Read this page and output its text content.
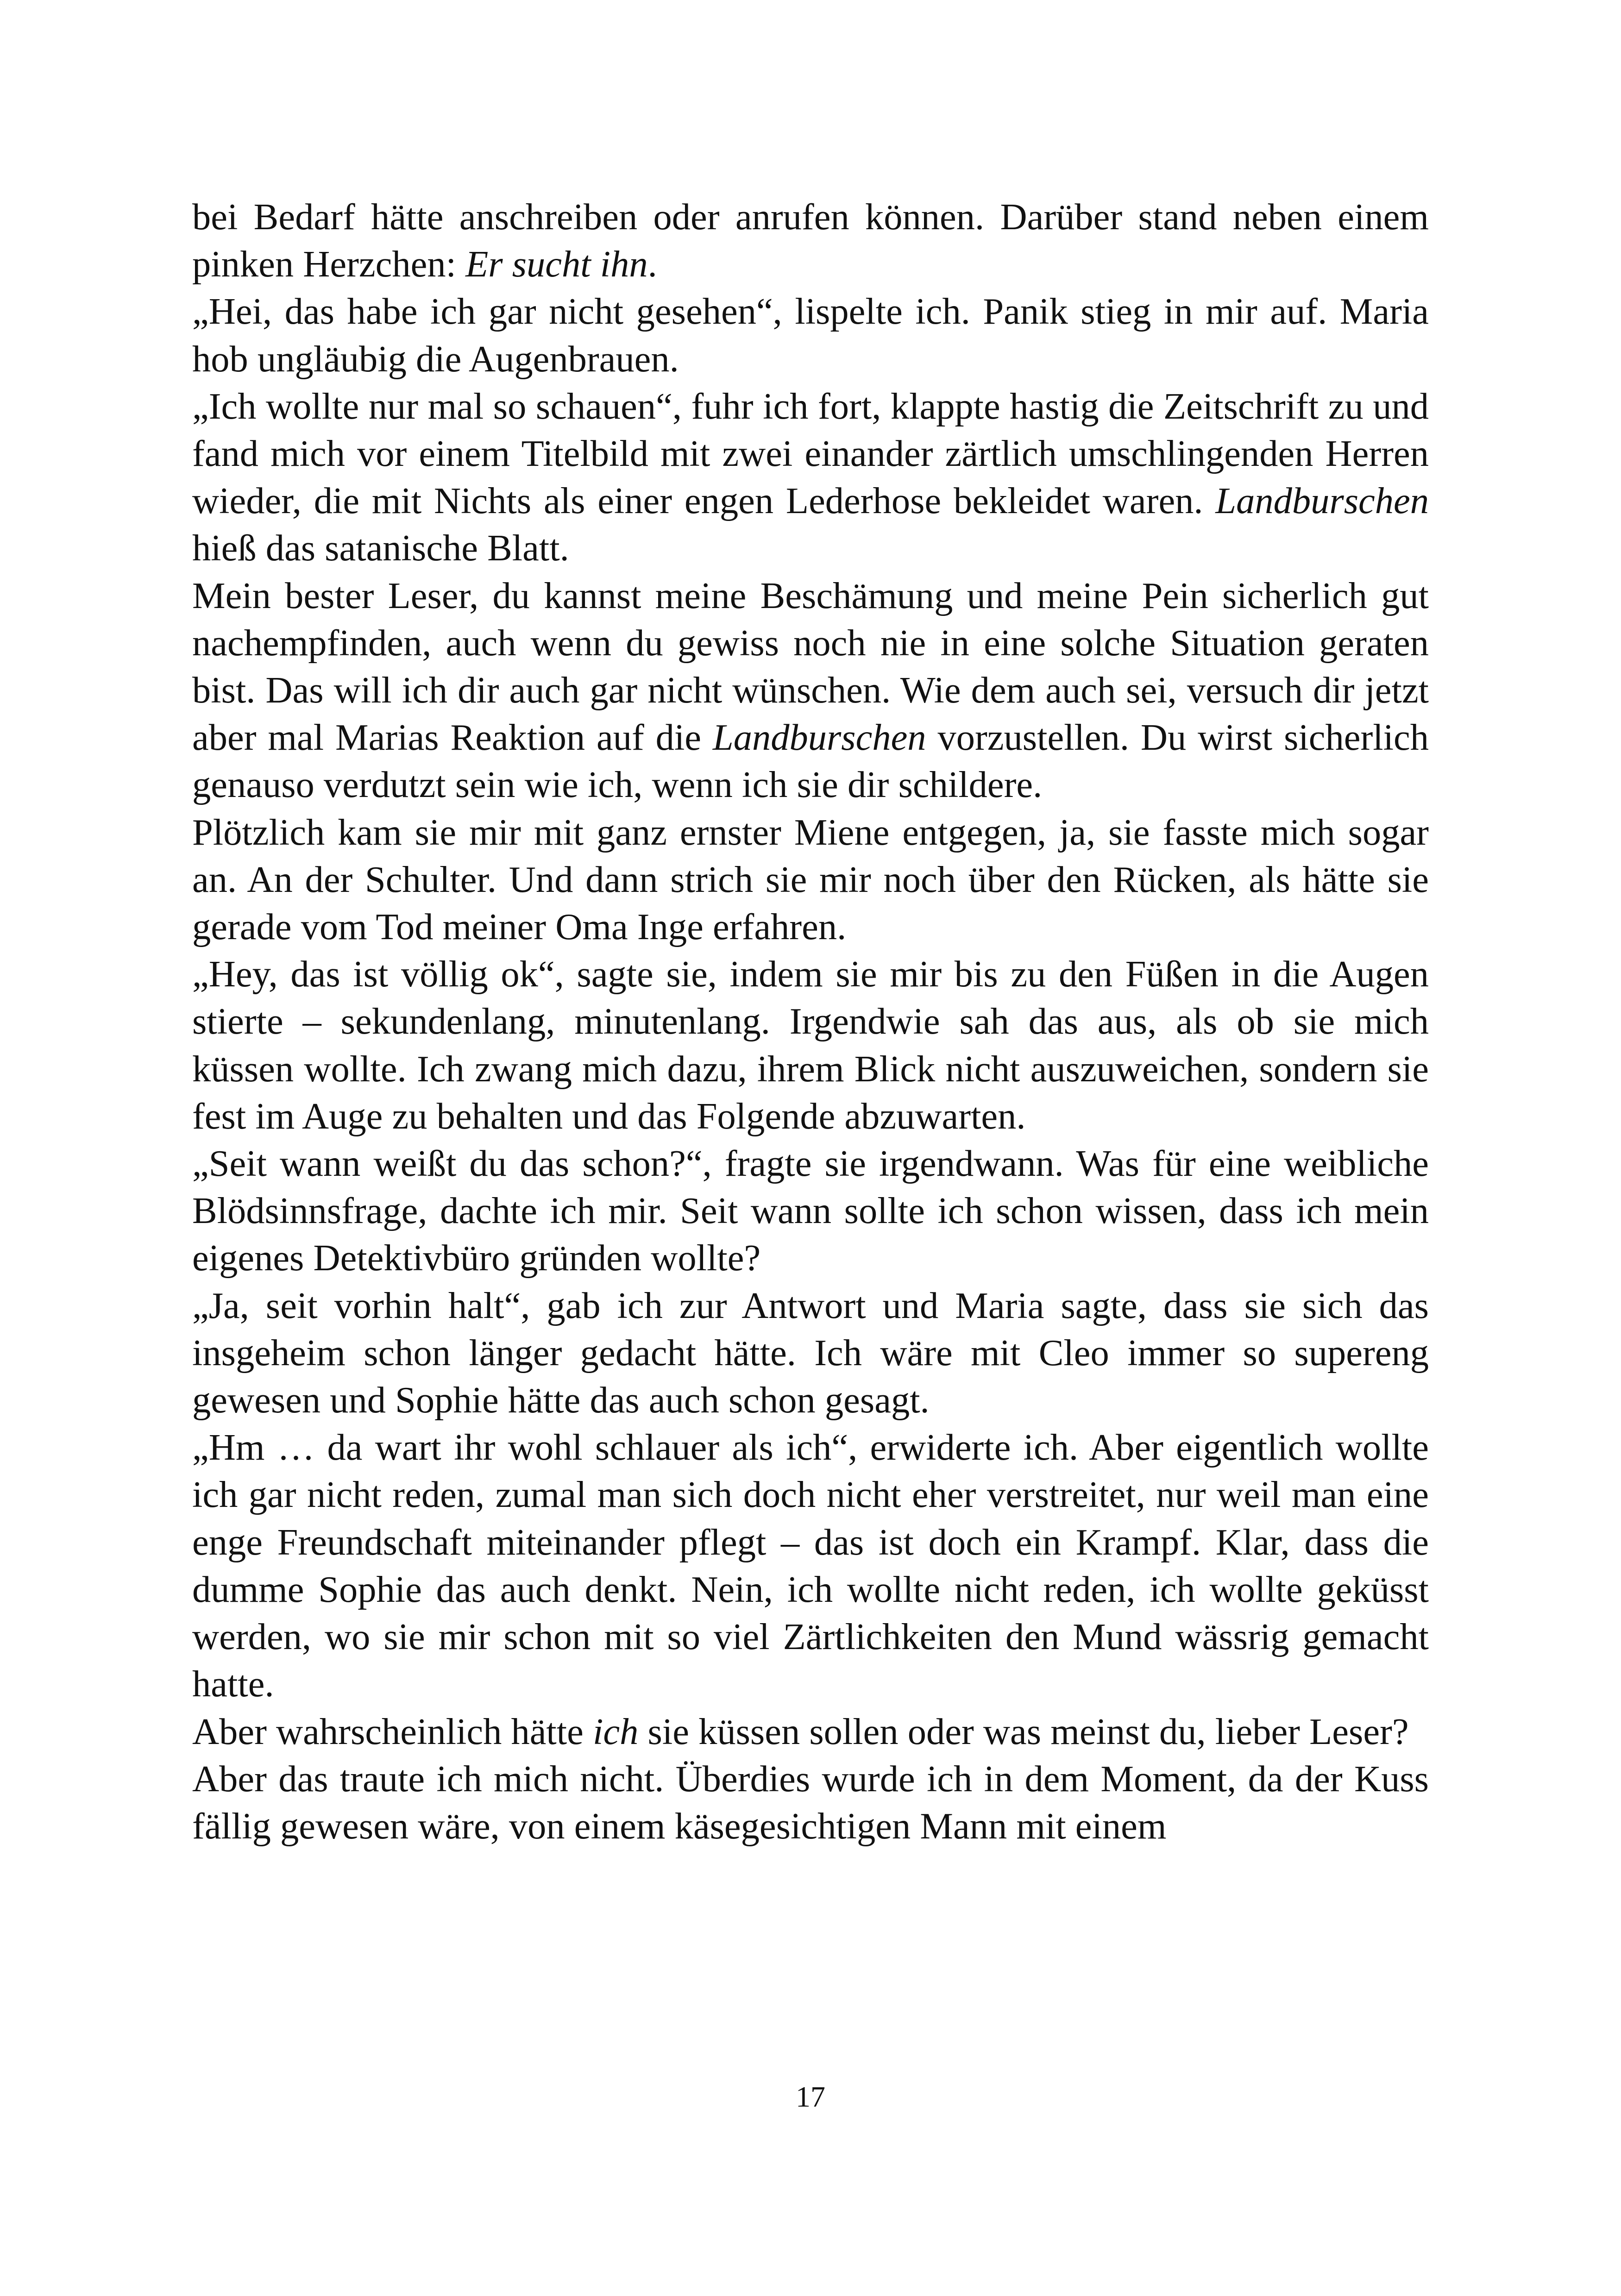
bei Bedarf hätte anschreiben oder anrufen können. Darüber stand neben einem pinken Herzchen: Er sucht ihn.

„Hei, das habe ich gar nicht gesehen“, lispelte ich. Panik stieg in mir auf. Maria hob ungläubig die Augenbrauen.

„Ich wollte nur mal so schauen“, fuhr ich fort, klappte hastig die Zeitschrift zu und fand mich vor einem Titelbild mit zwei einander zärtlich umschlingenden Herren wieder, die mit Nichts als einer engen Lederhose bekleidet waren. Landburschen hieß das satanische Blatt.

Mein bester Leser, du kannst meine Beschämung und meine Pein sicherlich gut nachempfinden, auch wenn du gewiss noch nie in eine solche Situation geraten bist. Das will ich dir auch gar nicht wünschen. Wie dem auch sei, versuch dir jetzt aber mal Marias Reaktion auf die Landburschen vorzustellen. Du wirst sicherlich genauso verdutzt sein wie ich, wenn ich sie dir schildere.

Plötzlich kam sie mir mit ganz ernster Miene entgegen, ja, sie fasste mich sogar an. An der Schulter. Und dann strich sie mir noch über den Rücken, als hätte sie gerade vom Tod meiner Oma Inge erfahren.

„Hey, das ist völlig ok“, sagte sie, indem sie mir bis zu den Füßen in die Augen stierte – sekundenlang, minutenlang. Irgendwie sah das aus, als ob sie mich küssen wollte. Ich zwang mich dazu, ihrem Blick nicht auszuweichen, sondern sie fest im Auge zu behalten und das Folgende abzuwarten.

„Seit wann weißt du das schon?“, fragte sie irgendwann. Was für eine weibliche Blödsinnsfrage, dachte ich mir. Seit wann sollte ich schon wissen, dass ich mein eigenes Detektivbüro gründen wollte?

„Ja, seit vorhin halt“, gab ich zur Antwort und Maria sagte, dass sie sich das insgeheim schon länger gedacht hätte. Ich wäre mit Cleo immer so supereng gewesen und Sophie hätte das auch schon gesagt.

„Hm … da wart ihr wohl schlauer als ich“, erwiderte ich. Aber eigentlich wollte ich gar nicht reden, zumal man sich doch nicht eher verstreitet, nur weil man eine enge Freundschaft miteinander pflegt – das ist doch ein Krampf. Klar, dass die dumme Sophie das auch denkt. Nein, ich wollte nicht reden, ich wollte geküsst werden, wo sie mir schon mit so viel Zärtlichkeiten den Mund wässrig gemacht hatte.

Aber wahrscheinlich hätte ich sie küssen sollen oder was meinst du, lieber Leser?

Aber das traute ich mich nicht. Überdies wurde ich in dem Moment, da der Kuss fällig gewesen wäre, von einem käsegesichtigen Mann mit einem

17
